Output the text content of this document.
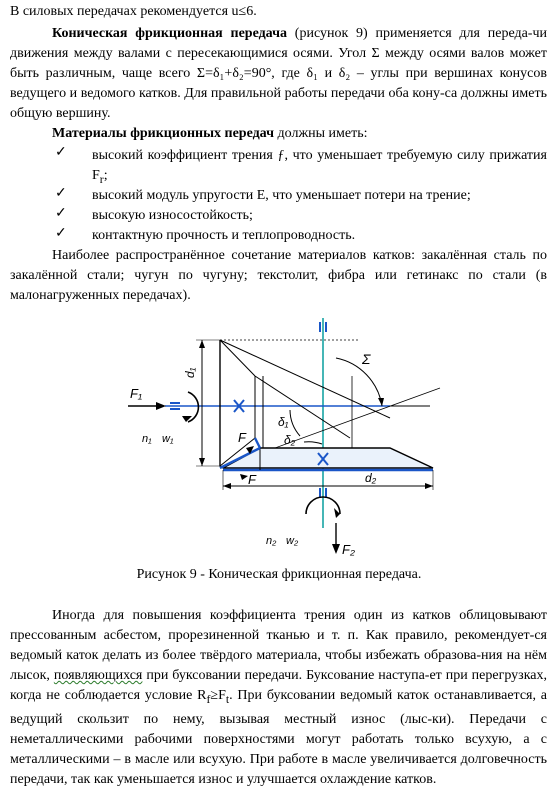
В силовых передачах рекомендуется u≤6.

Коническая фрикционная передача (рисунок 9) применяется для переда-чи движения между валами с пересекающимися осями. Угол Σ между осями валов может быть различным, чаще всего Σ=δ₁+δ₂=90°, где δ₁ и δ₂ – углы при вершинах конусов ведущего и ведомого катков. Для правильной работы передачи оба кону-са должны иметь общую вершину.

Материалы фрикционных передач должны иметь:

✓ высокий коэффициент трения ƒ, что уменьшает требуемую силу прижатия $F_r$;

✓ высокий модуль упругости E, что уменьшает потери на трение;

✓ высокую износостойкость;

✓ контактную прочность и теплопроводность.

Наиболее распространённое сочетание материалов катков: закалённая сталь по закалённой стали; чугун по чугуну; текстолит, фибра или гетинакс по стали (в малонагруженных передачах).

d₁
d₂
Σ
δ₁
δ₂
F₁
n₁ w₁	F
F
n₂ w₂
F₂
Рисунок 9 - Коническая фрикционная передача.

Иногда для повышения коэффициента трения один из катков облицовывают прессованным асбестом, прорезиненной тканью и т. п. Как правило, рекомендует-ся ведомый каток делать из более твёрдого материала, чтобы избежать образова-ния на нём лысок, появляющихся при буксовании передачи. Буксование наступа-ет при перегрузках, когда не соблюдается условие $R_f\ge F_t$. При буксовании ведомый каток останавливается, а ведущий скользит по нему, вызывая местный износ (лыс-ки). Передачи с неметаллическими рабочими поверхностями могут работать только всухую, а с металлическими – в масле или всухую. При работе в масле увеличивается долговечность передачи, так как уменьшается износ и улучшается охлаждение катков.
